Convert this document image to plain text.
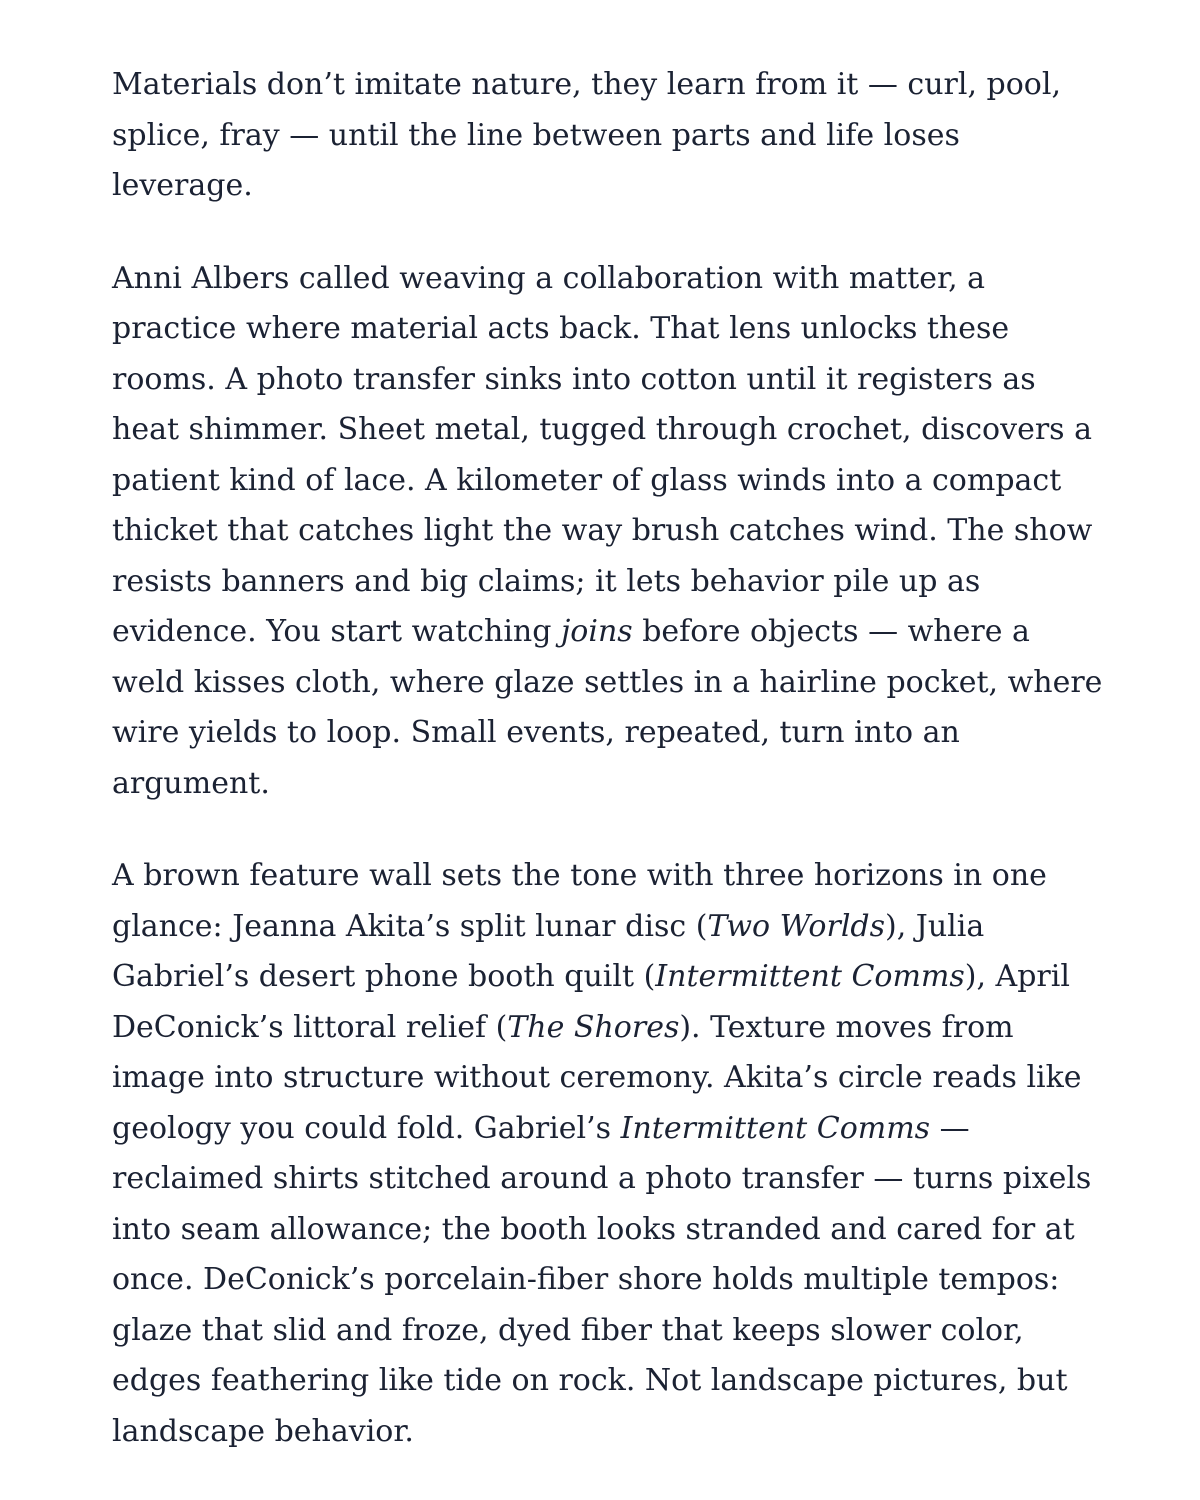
Materials don’t imitate nature, they learn from it — curl, pool,
splice, fray — until the line between parts and life loses
leverage.

Anni Albers called weaving a collaboration with matter, a
practice where material acts back. That lens unlocks these
rooms. A photo transfer sinks into cotton until it registers as
heat shimmer. Sheet metal, tugged through crochet, discovers a
patient kind of lace. A kilometer of glass winds into a compact
thicket that catches light the way brush catches wind. The show
resists banners and big claims; it lets behavior pile up as
evidence. You start watching joins before objects — where a
weld kisses cloth, where glaze settles in a hairline pocket, where
wire yields to loop. Small events, repeated, turn into an
argument.

A brown feature wall sets the tone with three horizons in one
glance: Jeanna Akita’s split lunar disc (Two Worlds), Julia
Gabriel’s desert phone booth quilt (Intermittent Comms), April
DeConick’s littoral relief (The Shores). Texture moves from
image into structure without ceremony. Akita’s circle reads like
geology you could fold. Gabriel’s Intermittent Comms —
reclaimed shirts stitched around a photo transfer — turns pixels
into seam allowance; the booth looks stranded and cared for at
once. DeConick’s porcelain-fiber shore holds multiple tempos:
glaze that slid and froze, dyed fiber that keeps slower color,
edges feathering like tide on rock. Not landscape pictures, but
landscape behavior.
